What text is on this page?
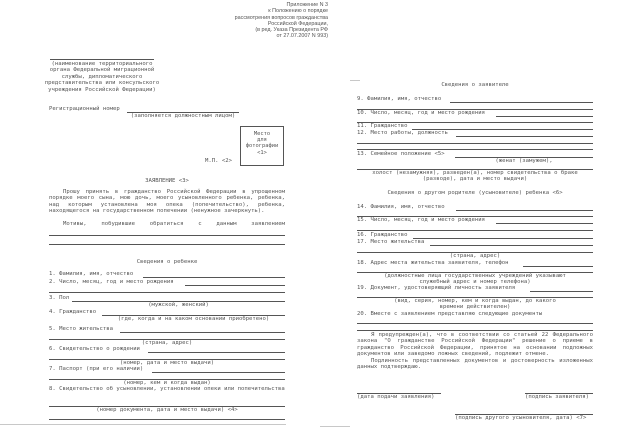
Приложение N 3
к Положению о порядке
рассмотрения вопросов гражданства
Российской Федерации,
(в ред. Указа Президента РФ
от 27.07.2007 N 993)
(наименование территориального
органа Федеральной миграционной
службы, дипломатического
представительства или консульского
учреждения Российской Федерации)
Регистрационный номер
(заполняется должностным лицом)
Место
для
фотографии
<1>
М.П. <2>
ЗАЯВЛЕНИЕ <3>
Прошу принять в гражданство Российской Федерации в упрощенном порядке моего сына, мою дочь, моего усыновленного ребенка, ребенка, над которым установлена моя опека (попечительство), ребенка, находящегося на государственном попечении (ненужное зачеркнуть).
Мотивы, побудившие обратиться с данным заявлением
Сведения о ребенке
1. Фамилия, имя, отчество
2. Число, месяц, год и место рождения
3. Пол
(мужской, женский)
4. Гражданство
(где, когда и на каком основании приобретено)
5. Место жительства
(страна, адрес)
6. Свидетельство о рождении
(номер, дата и место выдачи)
7. Паспорт (при его наличии)
(номер, кем и когда выдан)
8. Свидетельство об усыновлении, установлении опеки или попечительства
(номер документа, дата и место выдачи) <4>
Сведения о заявителе
9. Фамилия, имя, отчество
10. Число, месяц, год и место рождения
11. Гражданство
12. Место работы, должность
13. Семейное положение <5>
(женат (замужем),
холост (незамужняя), разведен(а), номер свидетельства о браке
(разводе), дата и место выдачи)
Сведения о другом родителе (усыновителе) ребенка <6>
14. Фамилия, имя, отчество
15. Число, месяц, год и место рождения
16. Гражданство
17. Место жительства
(страна, адрес)
18. Адрес места жительства заявителя, телефон
(должностные лица государственных учреждений указывают
служебный адрес и номер телефона)
19. Документ, удостоверяющий личность заявителя
(вид, серия, номер, кем и когда выдан, до какого
времени действителен)
20. Вместе с заявлением представляю следующие документы
Я предупрежден(а), что в соответствии со статьей 22 Федерального закона "О гражданстве Российской Федерации" решение о приеме в гражданство Российской Федерации, принятое на основании подложных документов или заведомо ложных сведений, подлежит отмене.
Подлинность представленных документов и достоверность изложенных данных подтверждаю.
(дата подачи заявления)	(подпись заявителя)
(подпись другого усыновителя, дата) <7>
